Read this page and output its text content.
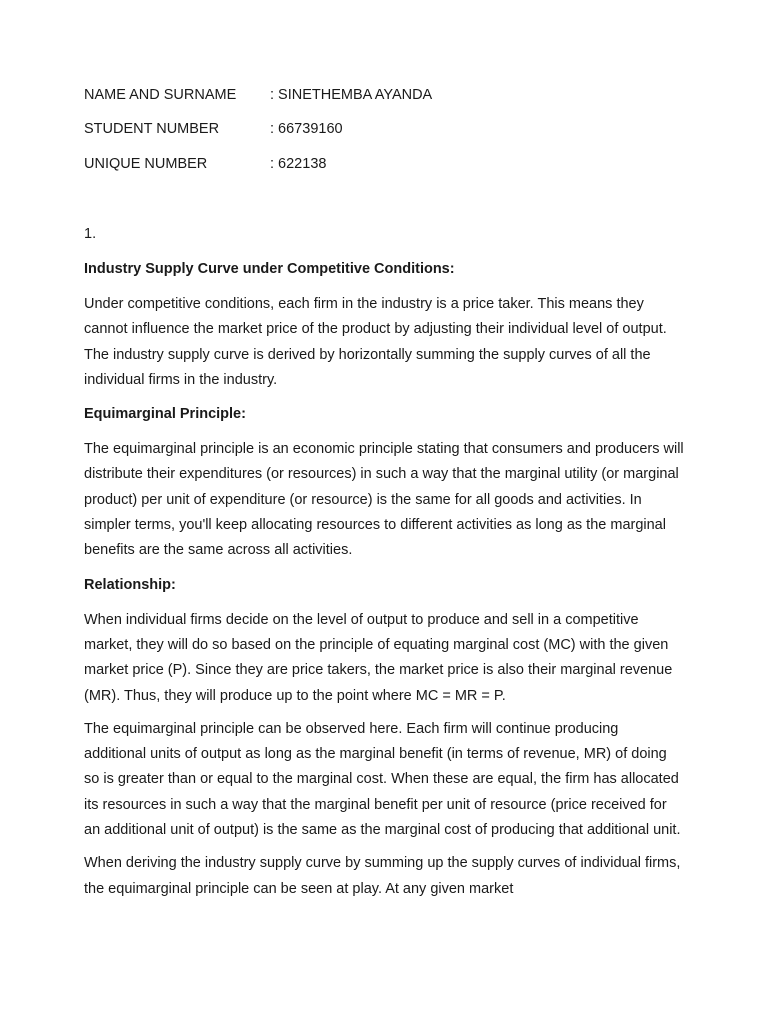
NAME AND SURNAME : SINETHEMBA AYANDA
STUDENT NUMBER	: 66739160
UNIQUE NUMBER	: 622138
1.
Industry Supply Curve under Competitive Conditions:

Under competitive conditions, each firm in the industry is a price taker. This means they cannot influence the market price of the product by adjusting their individual level of output. The industry supply curve is derived by horizontally summing the supply curves of all the individual firms in the industry.

Equimarginal Principle:

The equimarginal principle is an economic principle stating that consumers and producers will distribute their expenditures (or resources) in such a way that the marginal utility (or marginal product) per unit of expenditure (or resource) is the same for all goods and activities. In simpler terms, you'll keep allocating resources to different activities as long as the marginal benefits are the same across all activities.

Relationship:

When individual firms decide on the level of output to produce and sell in a competitive market, they will do so based on the principle of equating marginal cost (MC) with the given market price (P). Since they are price takers, the market price is also their marginal revenue (MR). Thus, they will produce up to the point where MC = MR = P.

The equimarginal principle can be observed here. Each firm will continue producing additional units of output as long as the marginal benefit (in terms of revenue, MR) of doing so is greater than or equal to the marginal cost. When these are equal, the firm has allocated its resources in such a way that the marginal benefit per unit of resource (price received for an additional unit of output) is the same as the marginal cost of producing that additional unit.

When deriving the industry supply curve by summing up the supply curves of individual firms, the equimarginal principle can be seen at play. At any given market
